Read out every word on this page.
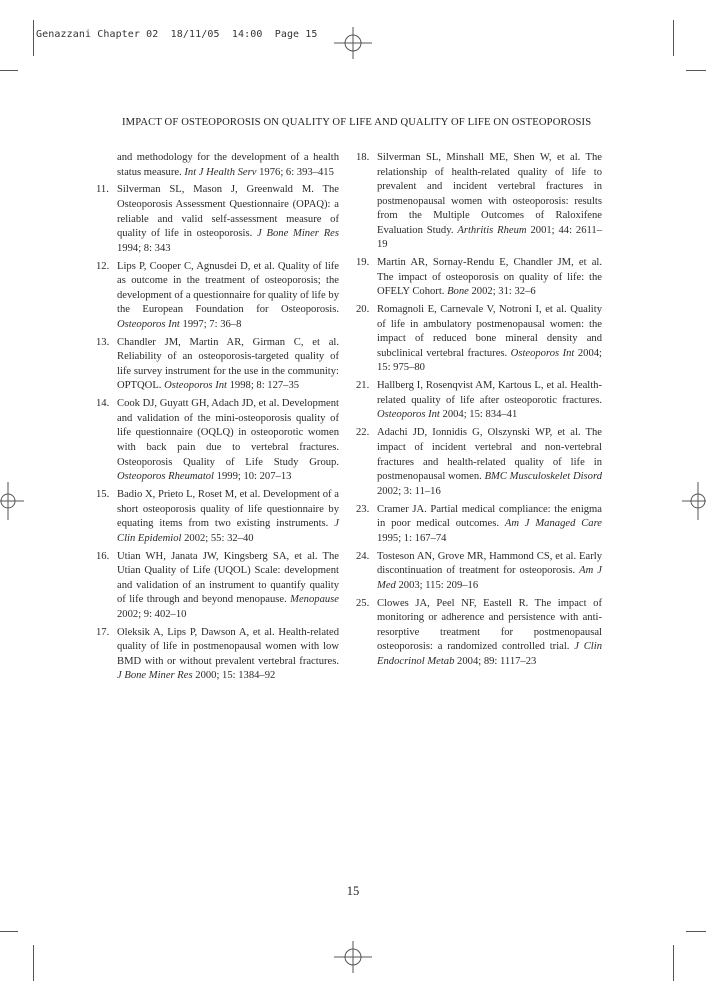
Genazzani Chapter 02  18/11/05  14:00  Page 15
IMPACT OF OSTEOPOROSIS ON QUALITY OF LIFE AND QUALITY OF LIFE ON OSTEOPOROSIS
and methodology for the development of a health status measure. Int J Health Serv 1976; 6: 393–415
11. Silverman SL, Mason J, Greenwald M. The Osteoporosis Assessment Questionnaire (OPAQ): a reliable and valid self-assessment measure of quality of life in osteoporosis. J Bone Miner Res 1994; 8: 343
12. Lips P, Cooper C, Agnusdei D, et al. Quality of life as outcome in the treatment of osteoporosis; the development of a questionnaire for quality of life by the European Foundation for Osteoporosis. Osteoporos Int 1997; 7: 36–8
13. Chandler JM, Martin AR, Girman C, et al. Reliability of an osteoporosis-targeted quality of life survey instrument for the use in the community: OPTQOL. Osteoporos Int 1998; 8: 127–35
14. Cook DJ, Guyatt GH, Adach JD, et al. Development and validation of the mini-osteoporosis quality of life questionnaire (OQLQ) in osteoporotic women with back pain due to vertebral fractures. Osteoporosis Quality of Life Study Group. Osteoporos Rheumatol 1999; 10: 207–13
15. Badio X, Prieto L, Roset M, et al. Development of a short osteoporosis quality of life questionnaire by equating items from two existing instruments. J Clin Epidemiol 2002; 55: 32–40
16. Utian WH, Janata JW, Kingsberg SA, et al. The Utian Quality of Life (UQOL) Scale: development and validation of an instrument to quantify quality of life through and beyond menopause. Menopause 2002; 9: 402–10
17. Oleksik A, Lips P, Dawson A, et al. Health-related quality of life in postmenopausal women with low BMD with or without prevalent vertebral fractures. J Bone Miner Res 2000; 15: 1384–92
18. Silverman SL, Minshall ME, Shen W, et al. The relationship of health-related quality of life to prevalent and incident vertebral fractures in postmenopausal women with osteoporosis: results from the Multiple Outcomes of Raloxifene Evaluation Study. Arthritis Rheum 2001; 44: 2611–19
19. Martin AR, Sornay-Rendu E, Chandler JM, et al. The impact of osteoporosis on quality of life: the OFELY Cohort. Bone 2002; 31: 32–6
20. Romagnoli E, Carnevale V, Notroni I, et al. Quality of life in ambulatory postmenopausal women: the impact of reduced bone mineral density and subclinical vertebral fractures. Osteoporos Int 2004; 15: 975–80
21. Hallberg I, Rosenqvist AM, Kartous L, et al. Health-related quality of life after osteoporotic fractures. Osteoporos Int 2004; 15: 834–41
22. Adachi JD, Ionnidis G, Olszynski WP, et al. The impact of incident vertebral and non-vertebral fractures and health-related quality of life in postmenopausal women. BMC Musculoskelet Disord 2002; 3: 11–16
23. Cramer JA. Partial medical compliance: the enigma in poor medical outcomes. Am J Managed Care 1995; 1: 167–74
24. Tosteson AN, Grove MR, Hammond CS, et al. Early discontinuation of treatment for osteoporosis. Am J Med 2003; 115: 209–16
25. Clowes JA, Peel NF, Eastell R. The impact of monitoring or adherence and persistence with anti-resorptive treatment for postmenopausal osteoporosis: a randomized controlled trial. J Clin Endocrinol Metab 2004; 89: 1117–23
15
